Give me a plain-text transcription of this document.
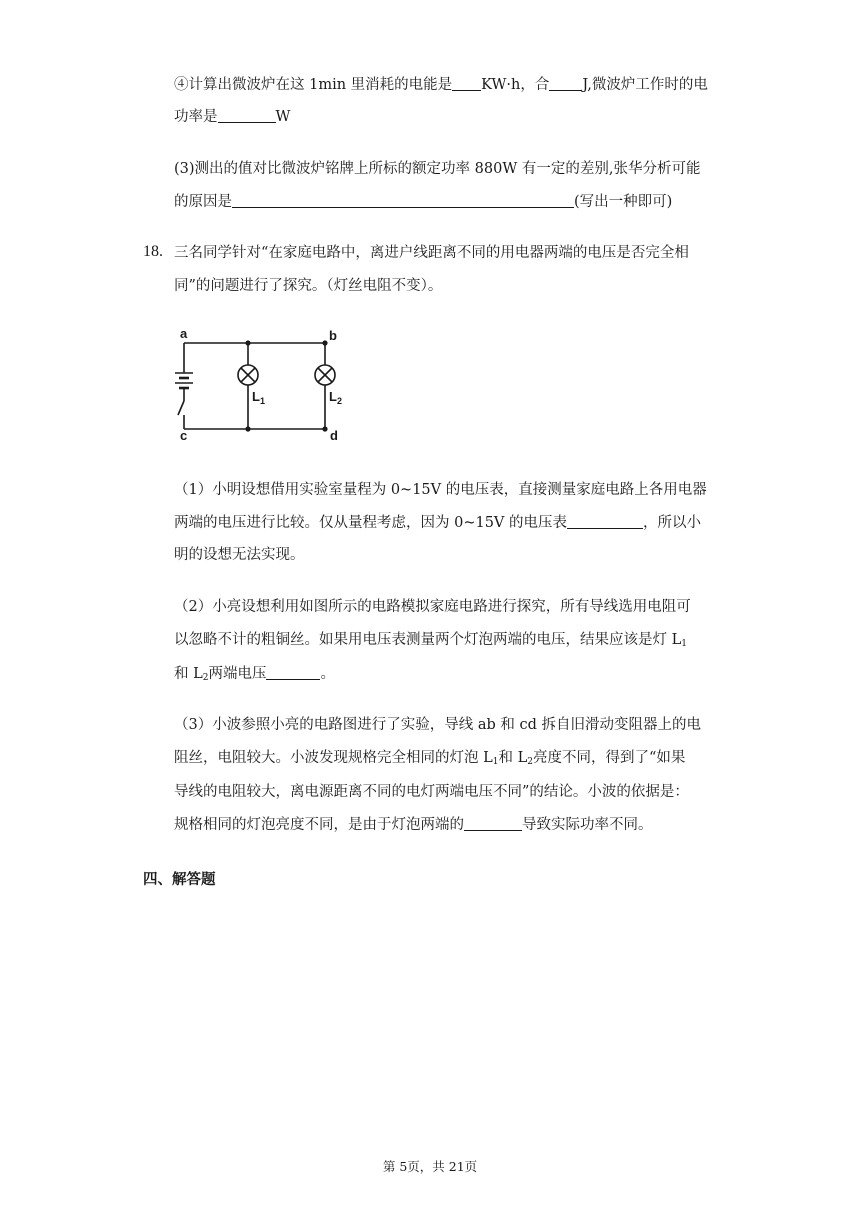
④计算出微波炉在这 1min 里消耗的电能是 KW·h，合 J,微波炉工作时的电
功率是	W
(3)测出的值对比微波炉铭牌上所标的额定功率 880W 有一定的差别,张华分析可能
的原因是	(写出一种即可)
18. 三名同学针对“在家庭电路中，离进户线距离不同的用电器两端的电压是否完全相
同”的问题进行了探究。（灯丝电阻不变）。
a	b
c	d
$L_1$	$L_2$
（1）小明设想借用实验室量程为 0~15V 的电压表，直接测量家庭电路上各用电器
两端的电压进行比较。仅从量程考虑，因为 0~15V 的电压表	，所以小
明的设想无法实现。
（2）小亮设想利用如图所示的电路模拟家庭电路进行探究，所有导线选用电阻可
以忽略不计的粗铜丝。如果用电压表测量两个灯泡两端的电压，结果应该是灯 $L_1$
和 $L_2$两端电压	。
（3）小波参照小亮的电路图进行了实验，导线 ab 和 cd 拆自旧滑动变阻器上的电
阻丝，电阻较大。小波发现规格完全相同的灯泡 $L_1$和 $L_2$亮度不同，得到了“如果
导线的电阻较大，离电源距离不同的电灯两端电压不同”的结论。小波的依据是：
规格相同的灯泡亮度不同，是由于灯泡两端的	导致实际功率不同。
四、解答题
第 5页，共 21页
